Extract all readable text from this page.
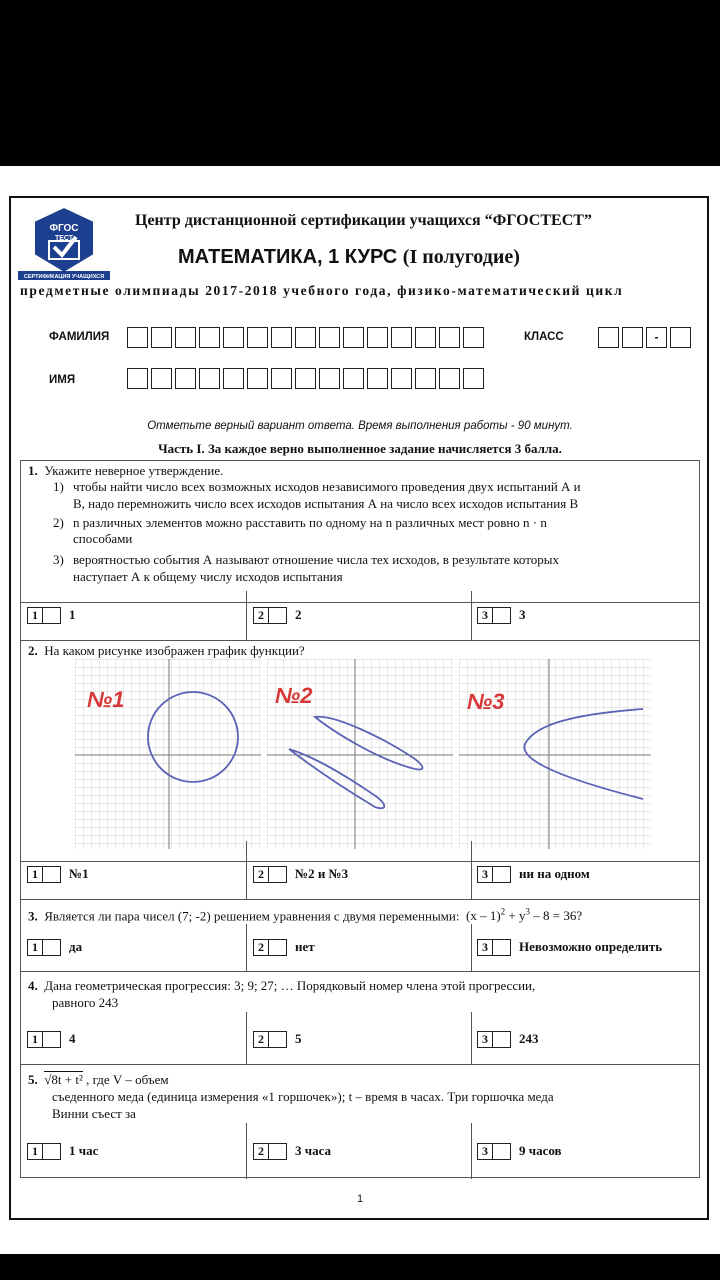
ФГОС
ТЕСТ
СЕРТИФИКАЦИЯ УЧАЩИХСЯ
Центр дистанционной сертификации учащихся “ФГОСТЕСТ”
МАТЕМАТИКА, 1 КУРС (I полугодие)
предметные олимпиады 2017-2018 учебного года, физико-математический цикл
ФАМИЛИЯ	КЛАСС	-
ИМЯ
Отметьте верный вариант ответа. Время выполнения работы - 90 минут.
Часть I. За каждое верно выполненное задание начисляется 3 балла.
1. Укажите неверное утверждение.
1) чтобы найти число всех возможных исходов независимого проведения двух испытаний А и
В, надо перемножить число всех исходов испытания А на число всех исходов испытания В
2) n различных элементов можно расставить по одному на n различных мест ровно n · n
способами
3) вероятностью события А называют отношение числа тех исходов, в результате которых
наступает А к общему числу исходов испытания
1	1	2	2	3	3
2. На каком рисунке изображен график функции?
№1	№2	№3
1	№1	2	№2 и №3	3	ни на одном
3. Является ли пара чисел (7; -2) решением уравнения с двумя переменными: $(x - 1)^2 + y^3 - 8 = 36$?
1	да	2	нет	3	Невозможно определить
4. Дана геометрическая прогрессия: 3; 9; 27; … Порядковый номер члена этой прогрессии,
равного 243
1	4	2	5	3	243
5. √8t + t² , где V – объем
съеденного меда (единица измерения «1 горшочек»); t – время в часах. Три горшочка меда
Винни съест за
1	1 час	2	3 часа	3	9 часов
1
